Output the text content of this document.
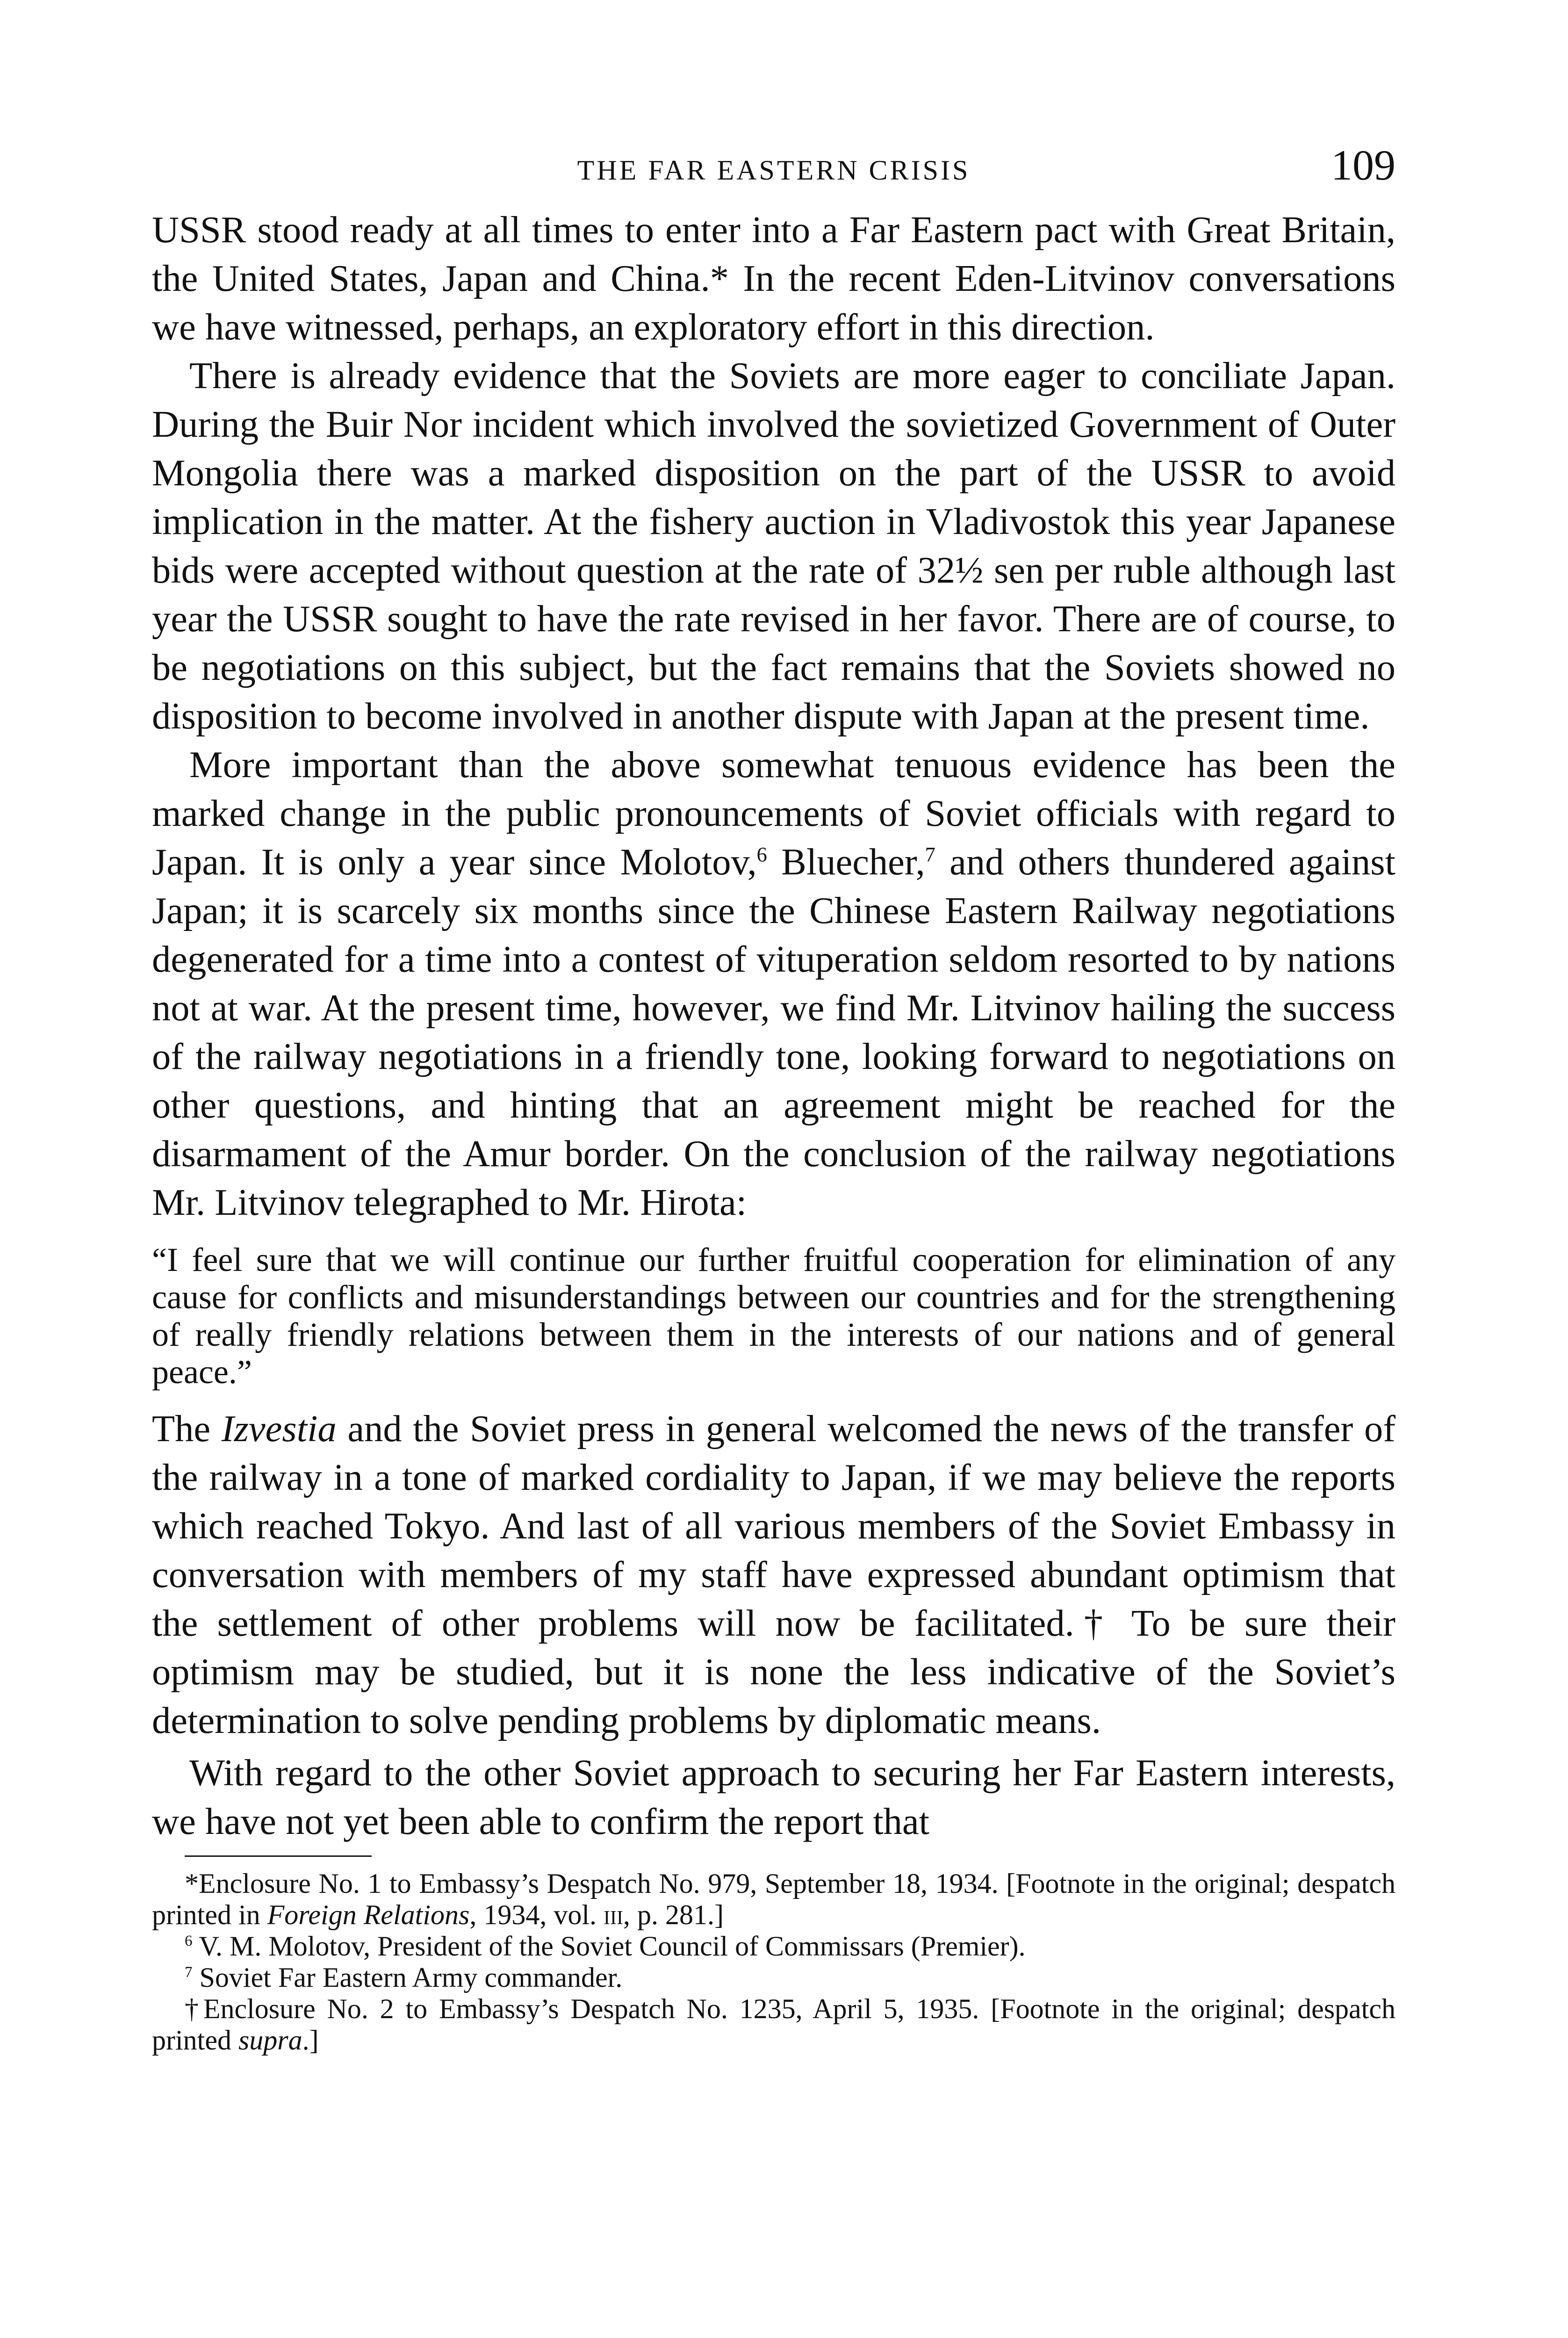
THE FAR EASTERN CRISIS	109

USSR stood ready at all times to enter into a Far Eastern pact with Great Britain, the United States, Japan and China.* In the recent Eden-Litvinov conversations we have witnessed, perhaps, an exploratory effort in this direction.

There is already evidence that the Soviets are more eager to conciliate Japan. During the Buir Nor incident which involved the sovietized Government of Outer Mongolia there was a marked disposition on the part of the USSR to avoid implication in the matter. At the fishery auction in Vladivostok this year Japanese bids were accepted without question at the rate of 32½ sen per ruble although last year the USSR sought to have the rate revised in her favor. There are of course, to be negotiations on this subject, but the fact remains that the Soviets showed no disposition to become involved in another dispute with Japan at the present time.

More important than the above somewhat tenuous evidence has been the marked change in the public pronouncements of Soviet officials with regard to Japan. It is only a year since Molotov,$^6$ Bluecher,$^7$ and others thundered against Japan; it is scarcely six months since the Chinese Eastern Railway negotiations degenerated for a time into a contest of vituperation seldom resorted to by nations not at war. At the present time, however, we find Mr. Litvinov hailing the success of the railway negotiations in a friendly tone, looking forward to negotiations on other questions, and hinting that an agreement might be reached for the disarmament of the Amur border. On the conclusion of the railway negotiations Mr. Litvinov telegraphed to Mr. Hirota:

“I feel sure that we will continue our further fruitful cooperation for elimination of any cause for conflicts and misunderstandings between our countries and for the strengthening of really friendly relations between them in the interests of our nations and of general peace.”

The Izvestia and the Soviet press in general welcomed the news of the transfer of the railway in a tone of marked cordiality to Japan, if we may believe the reports which reached Tokyo. And last of all various members of the Soviet Embassy in conversation with members of my staff have expressed abundant optimism that the settlement of other problems will now be facilitated.† To be sure their optimism may be studied, but it is none the less indicative of the Soviet’s determination to solve pending problems by diplomatic means.

With regard to the other Soviet approach to securing her Far Eastern interests, we have not yet been able to confirm the report that

*Enclosure No. 1 to Embassy’s Despatch No. 979, September 18, 1934. [Footnote in the original; despatch printed in Foreign Relations, 1934, vol. iii, p. 281.]

$^6$ V. M. Molotov, President of the Soviet Council of Commissars (Premier).

$^7$ Soviet Far Eastern Army commander.

†Enclosure No. 2 to Embassy’s Despatch No. 1235, April 5, 1935. [Footnote in the original; despatch printed supra.]
